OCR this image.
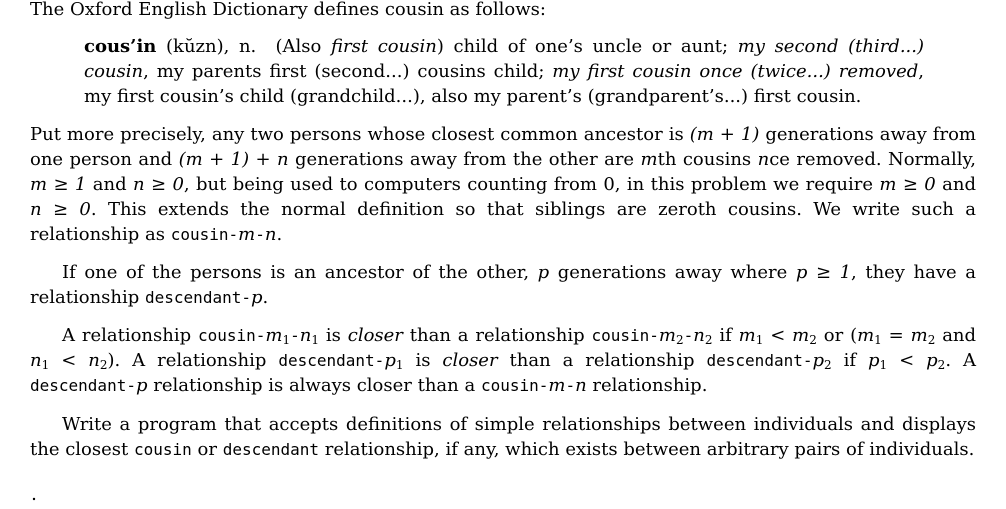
The Oxford English Dictionary defines cousin as follows:

cous’in (kŭzn), n. (Also first cousin) child of one’s uncle or aunt; my second (third...) cousin, my parents first (second...) cousins child; my first cousin once (twice...) removed, my first cousin’s child (grandchild...), also my parent’s (grandparent’s...) first cousin.

Put more precisely, any two persons whose closest common ancestor is (m + 1) generations away from one person and (m + 1) + n generations away from the other are mth cousins nce removed. Normally, m ≥ 1 and n ≥ 0, but being used to computers counting from 0, in this problem we require m ≥ 0 and n ≥ 0. This extends the normal definition so that siblings are zeroth cousins. We write such a relationship as cousin-m-n.

If one of the persons is an ancestor of the other, p generations away where p ≥ 1, they have a relationship descendant-p.

A relationship cousin-$m_1-n_1$ is closer than a relationship cousin-$m_2-n_2$ if $m_1 < m_2$ or ($m_1 = m_2$ and $n_1 < n_2$). A relationship descendant-$p_1$ is closer than a relationship descendant-$p_2$ if $p_1 < p_2$. A descendant-p relationship is always closer than a cousin-m-n relationship.

Write a program that accepts definitions of simple relationships between individuals and displays the closest cousin or descendant relationship, if any, which exists between arbitrary pairs of individuals.
